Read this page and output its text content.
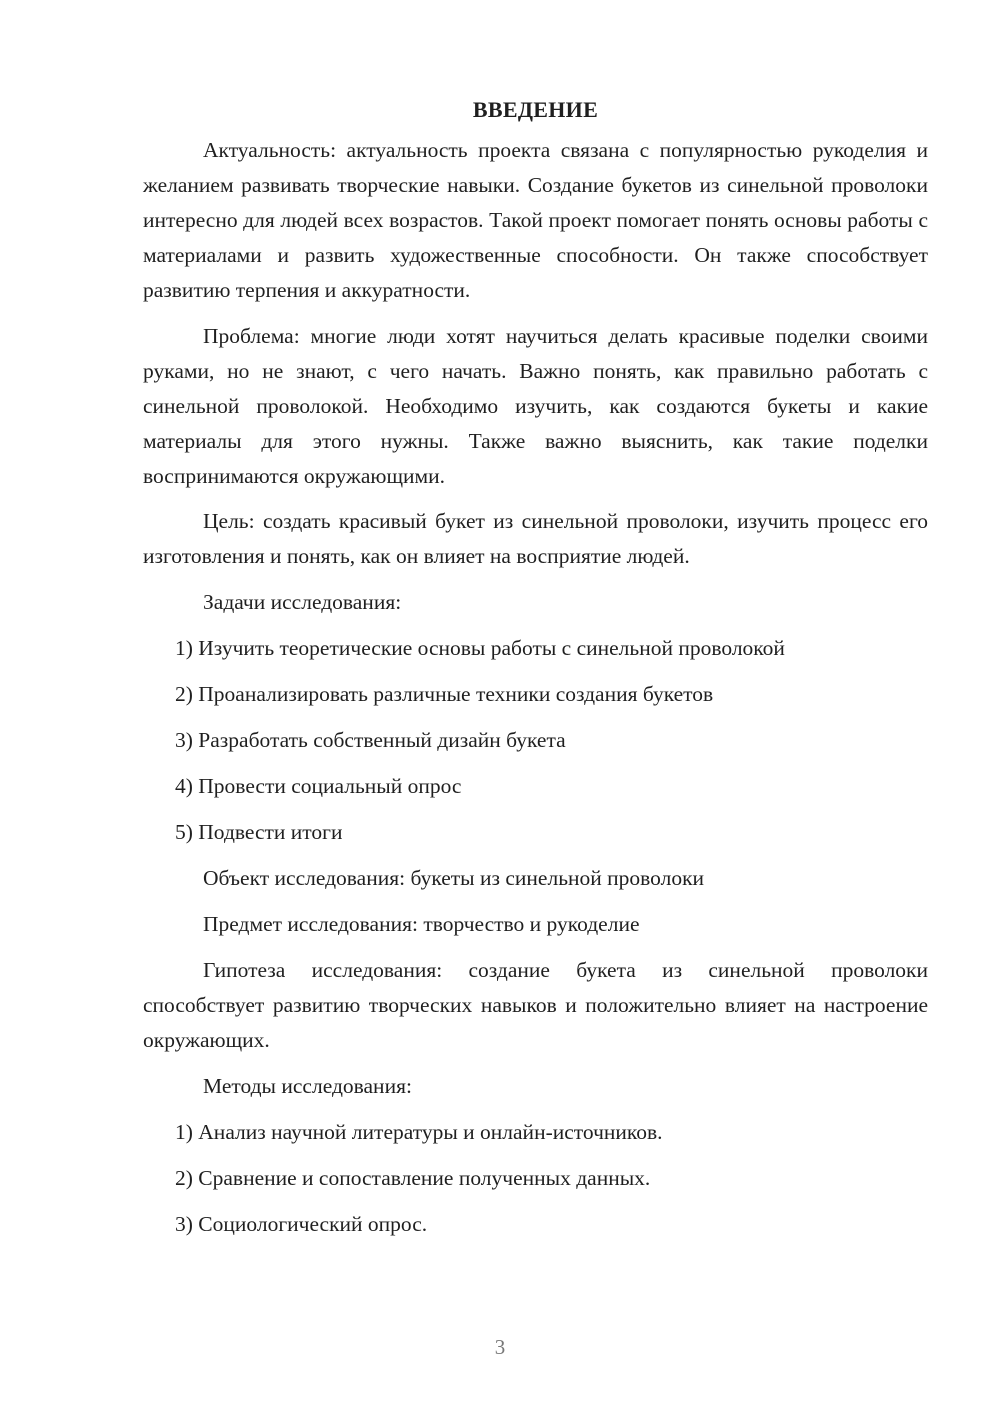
ВВЕДЕНИЕ

Актуальность: актуальность проекта связана с популярностью рукоделия и желанием развивать творческие навыки. Создание букетов из синельной проволоки интересно для людей всех возрастов. Такой проект помогает понять основы работы с материалами и развить художественные способности. Он также способствует развитию терпения и аккуратности.

Проблема: многие люди хотят научиться делать красивые поделки своими руками, но не знают, с чего начать. Важно понять, как правильно работать с синельной проволокой. Необходимо изучить, как создаются букеты и какие материалы для этого нужны. Также важно выяснить, как такие поделки воспринимаются окружающими.

Цель: создать красивый букет из синельной проволоки, изучить процесс его изготовления и понять, как он влияет на восприятие людей.

Задачи исследования:

1) Изучить теоретические основы работы с синельной проволокой

2) Проанализировать различные техники создания букетов

3) Разработать собственный дизайн букета

4) Провести социальный опрос

5) Подвести итоги

Объект исследования: букеты из синельной проволоки

Предмет исследования: творчество и рукоделие

Гипотеза исследования: создание букета из синельной проволоки способствует развитию творческих навыков и положительно влияет на настроение окружающих.

Методы исследования:

1) Анализ научной литературы и онлайн-источников.

2) Сравнение и сопоставление полученных данных.

3) Социологический опрос.

3
